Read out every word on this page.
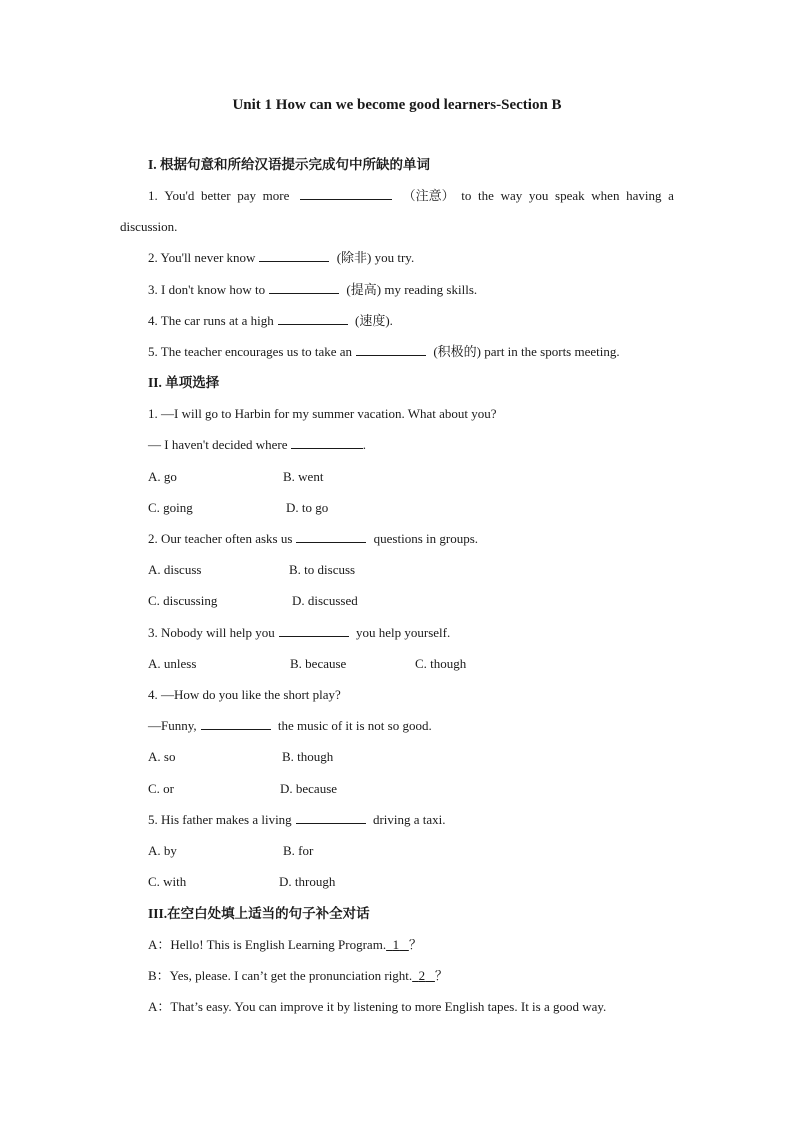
Unit 1 How can we become good learners-Section B
I. 根据句意和所给汉语提示完成句中所缺的单词
1. You'd better pay more	（注意） to the way you speak when having a
discussion.
2. You'll never know	(除非) you try.
3. I don't know how to	(提高) my reading skills.
4. The car runs at a high	(速度).
5. The teacher encourages us to take an	(积极的) part in the sports meeting.
II. 单项选择
1. —I will go to Harbin for my summer vacation. What about you?
— I haven't decided where	.
A. go	B. went
C. going	D. to go
2. Our teacher often asks us	questions in groups.
A. discuss	B. to discuss
C. discussing	D. discussed
3. Nobody will help you	you help yourself.
A. unless	B. because	C. though
4. —How do you like the short play?
—Funny,	the music of it is not so good.
A. so	B. though
C. or	D. because
5. His father makes a living	driving a taxi.
A. by	B. for
C. with	D. through
III.在空白处填上适当的句子补全对话
A：Hello! This is English Learning Program. 1 ？
B：Yes, please. I can’t get the pronunciation right. 2 ？
A：That’s easy. You can improve it by listening to more English tapes. It is a good way.
